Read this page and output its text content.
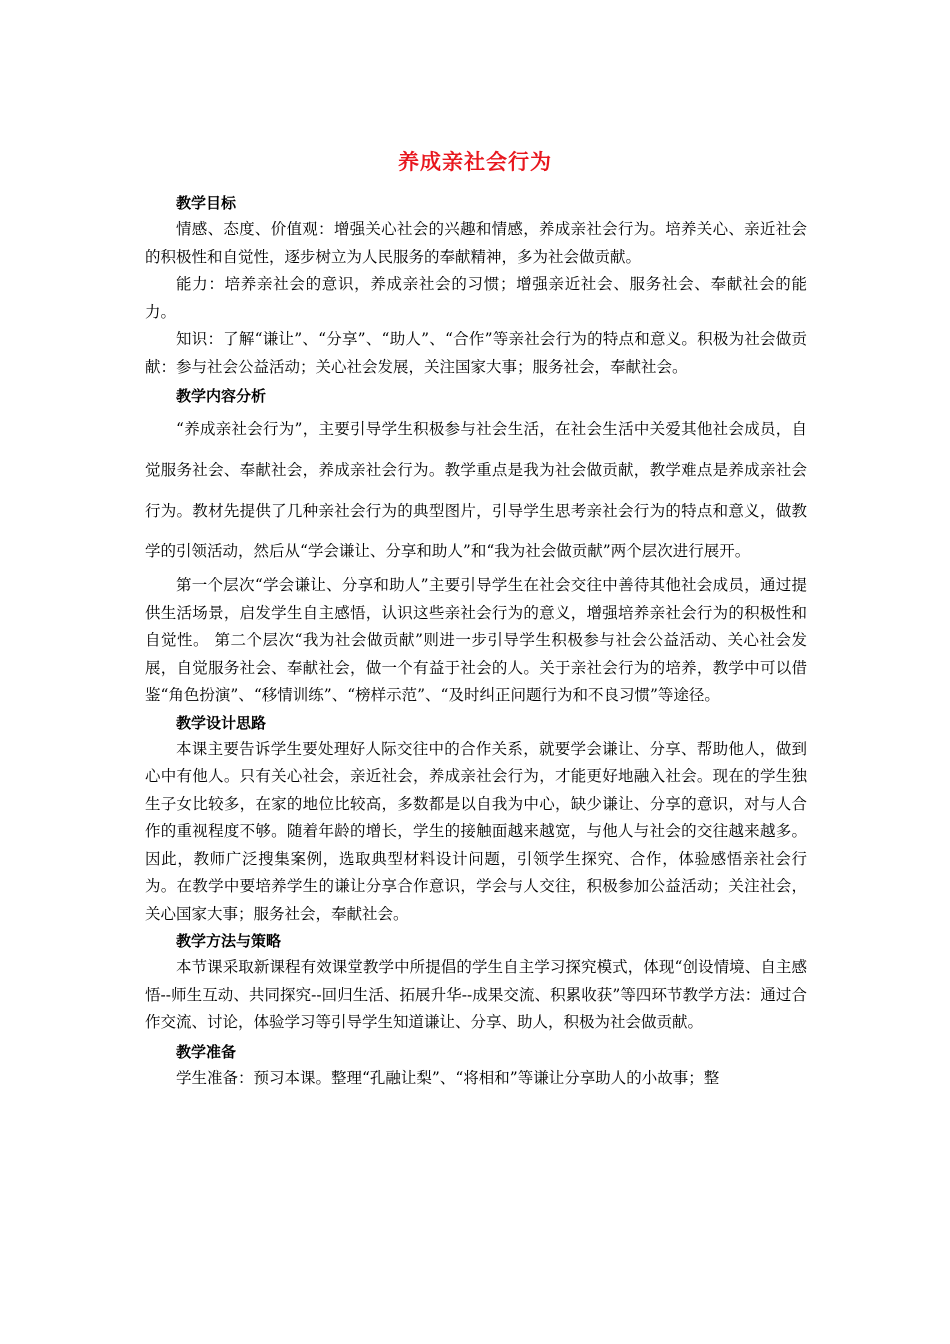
养成亲社会行为
教学目标

情感、态度、价值观：增强关心社会的兴趣和情感，养成亲社会行为。培养关心、亲近社会的积极性和自觉性，逐步树立为人民服务的奉献精神，多为社会做贡献。

能力：培养亲社会的意识，养成亲社会的习惯；增强亲近社会、服务社会、奉献社会的能力。

知识：了解“谦让”、“分享”、“助人”、“合作”等亲社会行为的特点和意义。积极为社会做贡献：参与社会公益活动；关心社会发展，关注国家大事；服务社会，奉献社会。

教学内容分析

“养成亲社会行为”，主要引导学生积极参与社会生活，在社会生活中关爱其他社会成员，自觉服务社会、奉献社会，养成亲社会行为。教学重点是我为社会做贡献，教学难点是养成亲社会行为。教材先提供了几种亲社会行为的典型图片，引导学生思考亲社会行为的特点和意义，做教学的引领活动，然后从“学会谦让、分享和助人”和“我为社会做贡献”两个层次进行展开。

第一个层次“学会谦让、分享和助人”主要引导学生在社会交往中善待其他社会成员，通过提供生活场景，启发学生自主感悟，认识这些亲社会行为的意义，增强培养亲社会行为的积极性和自觉性。 第二个层次“我为社会做贡献”则进一步引导学生积极参与社会公益活动、关心社会发展，自觉服务社会、奉献社会，做一个有益于社会的人。关于亲社会行为的培养，教学中可以借鉴“角色扮演”、“移情训练”、“榜样示范”、“及时纠正问题行为和不良习惯”等途径。

教学设计思路

本课主要告诉学生要处理好人际交往中的合作关系，就要学会谦让、分享、帮助他人，做到心中有他人。只有关心社会，亲近社会，养成亲社会行为，才能更好地融入社会。现在的学生独生子女比较多，在家的地位比较高，多数都是以自我为中心，缺少谦让、分享的意识，对与人合作的重视程度不够。随着年龄的增长，学生的接触面越来越宽，与他人与社会的交往越来越多。因此，教师广泛搜集案例，选取典型材料设计问题，引领学生探究、合作，体验感悟亲社会行为。在教学中要培养学生的谦让分享合作意识，学会与人交往，积极参加公益活动；关注社会，关心国家大事；服务社会，奉献社会。

教学方法与策略

本节课采取新课程有效课堂教学中所提倡的学生自主学习探究模式，体现“创设情境、自主感悟--师生互动、共同探究--回归生活、拓展升华--成果交流、积累收获”等四环节教学方法：通过合作交流、讨论，体验学习等引导学生知道谦让、分享、助人，积极为社会做贡献。

教学准备

学生准备：预习本课。整理“孔融让梨”、“将相和”等谦让分享助人的小故事；整
